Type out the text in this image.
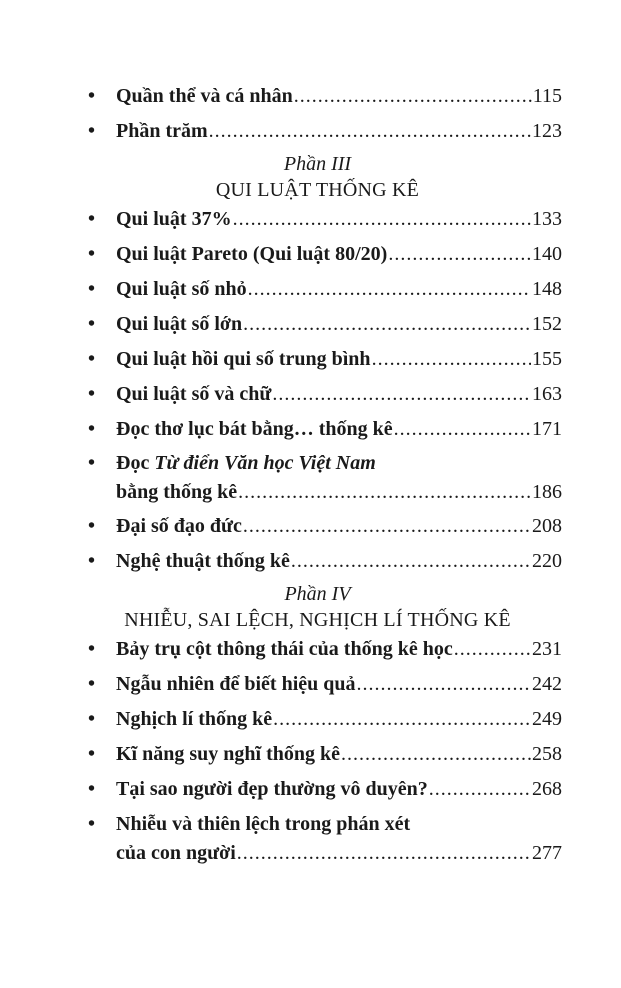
• Quần thể và cá nhân .....	115
• Phần trăm .....	123
Phần III
QUI LUẬT THỐNG KÊ
• Qui luật 37% .....	133
• Qui luật Pareto (Qui luật 80/20) .....	140
• Qui luật số nhỏ .....	148
• Qui luật số lớn .....	152
• Qui luật hồi qui số trung bình .....	155
• Qui luật số và chữ .....	163
• Đọc thơ lục bát bằng… thống kê .....	171
• Đọc Từ điển Văn học Việt Nam
bằng thống kê .....	186
• Đại số đạo đức .....	208
• Nghệ thuật thống kê .....	220
Phần IV
NHIỄU, SAI LỆCH, NGHỊCH LÍ THỐNG KÊ
• Bảy trụ cột thông thái của thống kê học .....	231
• Ngẫu nhiên để biết hiệu quả .....	242
• Nghịch lí thống kê .....	249
• Kĩ năng suy nghĩ thống kê .....	258
• Tại sao người đẹp thường vô duyên? .....	268
• Nhiễu và thiên lệch trong phán xét
của con người .....	277
